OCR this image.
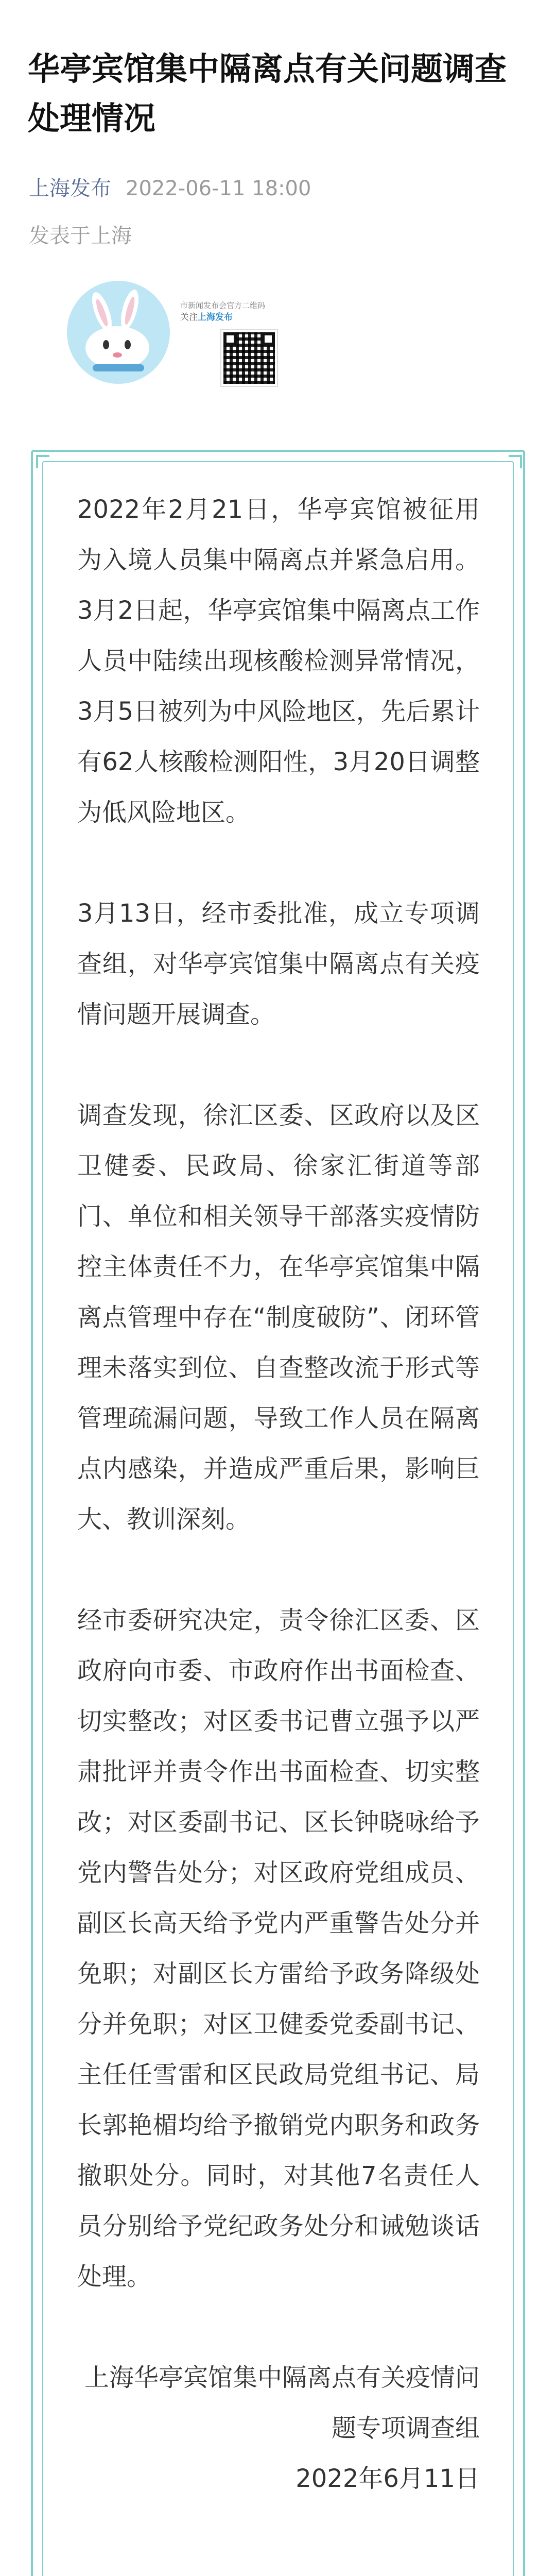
华亭宾馆集中隔离点有关问题调查处理情况
上海发布 2022-06-11 18:00
发表于上海
市新闻发布会官方二维码
关注上海发布

2022年2月21日，华亭宾馆被征用为入境人员集中隔离点并紧急启用。3月2日起，华亭宾馆集中隔离点工作人员中陆续出现核酸检测异常情况，3月5日被列为中风险地区，先后累计有62人核酸检测阳性，3月20日调整为低风险地区。

3月13日，经市委批准，成立专项调查组，对华亭宾馆集中隔离点有关疫情问题开展调查。

调查发现，徐汇区委、区政府以及区卫健委、民政局、徐家汇街道等部门、单位和相关领导干部落实疫情防控主体责任不力，在华亭宾馆集中隔离点管理中存在“制度破防”、闭环管理未落实到位、自查整改流于形式等管理疏漏问题，导致工作人员在隔离点内感染，并造成严重后果，影响巨大、教训深刻。

经市委研究决定，责令徐汇区委、区政府向市委、市政府作出书面检查、切实整改；对区委书记曹立强予以严肃批评并责令作出书面检查、切实整改；对区委副书记、区长钟晓咏给予党内警告处分；对区政府党组成员、副区长高天给予党内严重警告处分并免职；对副区长方雷给予政务降级处分并免职；对区卫健委党委副书记、主任任雪雷和区民政局党组书记、局长郭艳楣均给予撤销党内职务和政务撤职处分。同时，对其他7名责任人员分别给予党纪政务处分和诫勉谈话处理。

上海华亭宾馆集中隔离点有关疫情问题专项调查组

2022年6月11日
